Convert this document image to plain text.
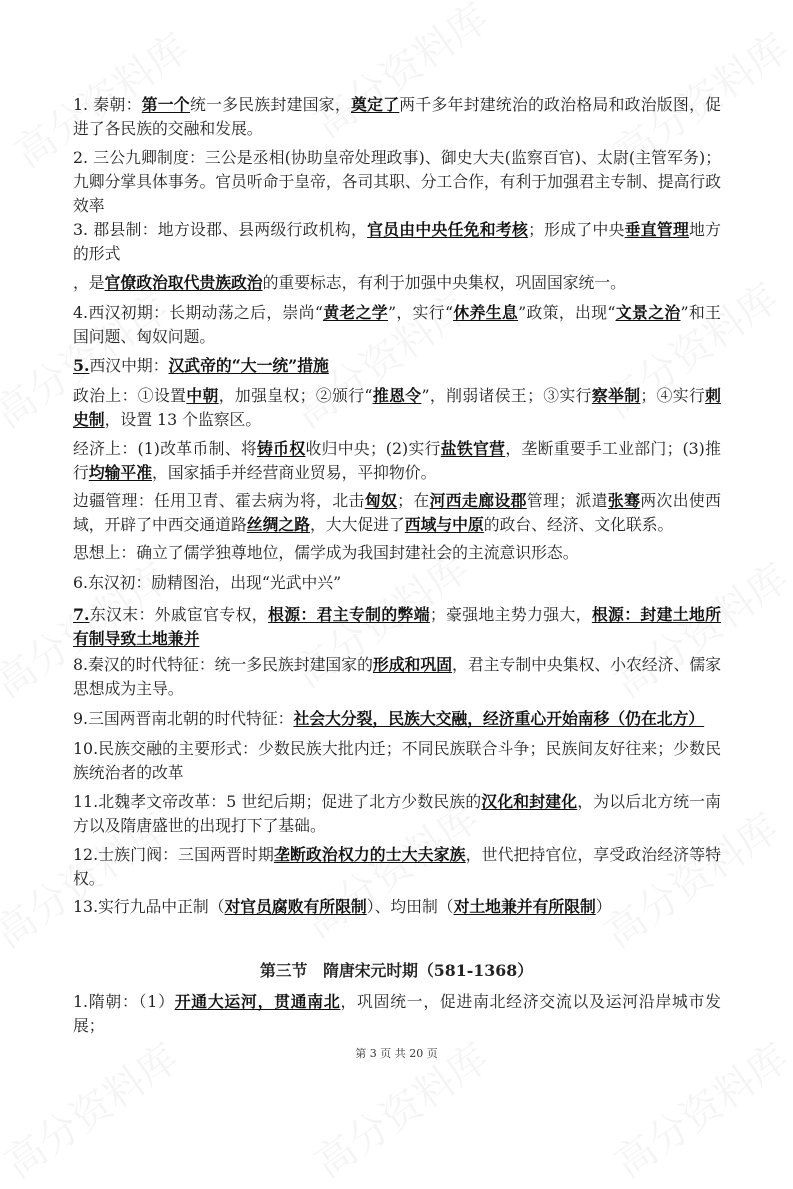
1. 秦朝：第一个统一多民族封建国家，奠定了两千多年封建统治的政治格局和政治版图，促进了各民族的交融和发展。
2. 三公九卿制度：三公是丞相(协助皇帝处理政事)、御史大夫(监察百官)、太尉(主管军务)；九卿分掌具体事务。官员听命于皇帝，各司其职、分工合作，有利于加强君主专制、提高行政效率
3. 郡县制：地方设郡、县两级行政机构，官员由中央任免和考核；形成了中央垂直管理地方的形式
，是官僚政治取代贵族政治的重要标志，有利于加强中央集权，巩固国家统一。
4.西汉初期：长期动荡之后，崇尚“黄老之学”，实行“休养生息”政策，出现“文景之治”和王国问题、匈奴问题。
5.西汉中期：汉武帝的“大一统”措施
政治上：①设置中朝，加强皇权；②颁行“推恩令”，削弱诸侯王；③实行察举制；④实行刺史制，设置 13 个监察区。
经济上：(1)改革币制、将铸币权收归中央；(2)实行盐铁官营，垄断重要手工业部门；(3)推行均输平准，国家插手并经营商业贸易，平抑物价。
边疆管理：任用卫青、霍去病为将，北击匈奴；在河西走廊设郡管理；派遣张骞两次出使西域，开辟了中西交通道路丝绸之路，大大促进了西域与中原的政台、经济、文化联系。
思想上：确立了儒学独尊地位，儒学成为我国封建社会的主流意识形态。
6.东汉初：励精图治，出现“光武中兴”
7.东汉末：外戚宦官专权，根源：君主专制的弊端；豪强地主势力强大，根源：封建土地所有制导致土地兼并
8.秦汉的时代特征：统一多民族封建国家的形成和巩固，君主专制中央集权、小农经济、儒家思想成为主导。
9.三国两晋南北朝的时代特征：社会大分裂，民族大交融，经济重心开始南移（仍在北方）
10.民族交融的主要形式：少数民族大批内迁；不同民族联合斗争；民族间友好往来；少数民族统治者的改革
11.北魏孝文帝改革：5 世纪后期；促进了北方少数民族的汉化和封建化，为以后北方统一南方以及隋唐盛世的出现打下了基础。
12.士族门阀：三国两晋时期垄断政治权力的士大夫家族，世代把持官位，享受政治经济等特权。
13.实行九品中正制（对官员腐败有所限制）、均田制（对土地兼并有所限制）
1.隋朝：（1）开通大运河，贯通南北，巩固统一，促进南北经济交流以及运河沿岸城市发展；
第三节　隋唐宋元时期（581-1368）
第 3 页 共 20 页
